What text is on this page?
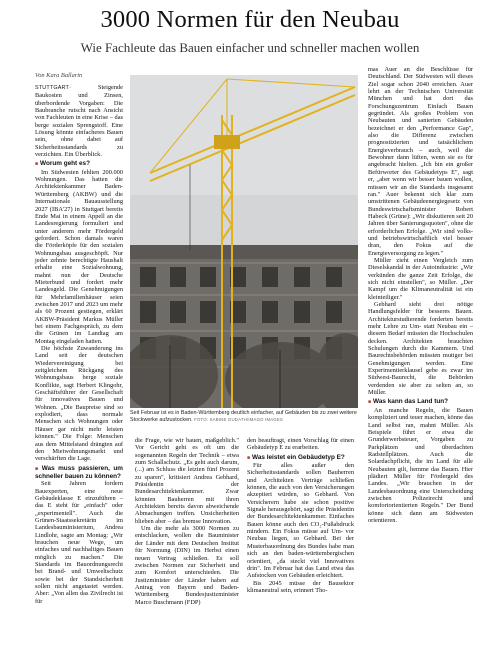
3000 Normen für den Neubau
Wie Fachleute das Bauen einfacher und schneller machen wollen
Von Kara Ballarin

STUTTGART· Steigende Baukosten und Zinsen, überbordende Vorgaben: Die Baubranche rutscht nach Ansicht von Fachleuten in eine Krise – das berge sozialen Sprengstoff. Eine Lösung könnte einfacheres Bauen sein, ohne dabei auf Sicherheitsstandards zu verzichten. Ein Überblick.

■ Worum geht es?

Im Südwesten fehlten 200.000 Wohnungen. Das hatten die Architektenkammer Baden-Württemberg (AKBW) und die Internationale Bauausstellung 2027 (IBA'27) in Stuttgart bereits Ende Mai in einem Appell an die Landesregierung formuliert und unter anderem mehr Fördergeld gefordert. Schon damals waren die Förderköpfe für den sozialen Wohnungsbau ausgeschöpft. Nur jeder zehnte berechtigte Haushalt erhalte eine Sozialwohnung, mahnt nun der Deutsche Mieterbund und fordert mehr Landesgeld. Die Genehmigungen für Mehrfamilienhäuser seien zwischen 2017 und 2023 um mehr als 60 Prozent gestiegen, erklärt AKBW-Präsident Markus Müller bei einem Fachgespräch, zu dem die Grünen im Landtag am Montag eingeladen hatten.

Die höchste Zuwanderung ins Land seit der deutschen Wiedervereinigung bei zeitgleichem Rückgang des Wohnungsbaus berge soziale Konflikte, sagt Herbert Klingohr, Geschäftsführer der Gesellschaft für innovatives Bauen und Wohnen. „Die Baupreise sind so explodiert, dass normale Menschen sich Wohnungen oder Häuser gar nicht mehr leisten können." Die Folge: Menschen aus dem Mittelstand drängten auf den Mietwohnungsmarkt und verschärften die Lage.

■ Was muss passieren, um schneller bauen zu können?

Seit Jahren fordern Bauexperten, eine neue Gebäudeklasse E einzuführen – das E steht für „einfach" oder „experimentell". Auch die Grünen-Staatssekretärin im Landesbauministerium, Andrea Lindlohr, sagte am Montag: „Wir brauchen neue Wege, um einfaches und nachhaltiges Bauen möglich zu machen." Die Standards im Bauordnungsrecht bei Brand- und Umweltschutz sowie bei der Standsicherheit sollen nicht angetastet werden. Aber: „Von allen das Zivilrecht ist für

Seit Februar ist es in Baden-Württemberg deutlich einfacher, auf Gebäuden bis zu zwei weitere Stockwerke aufzustocken. FOTO: SABINE GUDATH/IMAGO IMAGES

die Frage, wie wir bauen, maßgeblich." Vor Gericht geht es oft um die sogenannten Regeln der Technik – etwa zum Schallschutz. „Es geht auch darum, (...) am Schluss die letzten fünf Prozent zu sparen", kritisiert Andrea Gebhard, Präsidentin der Bundesarchitektenkammer. Zwar könnten Bauherren mit ihren Architekten bereits davon abweichende Abmachungen treffen. Unsicherheiten blieben aber – das bremse Innovation.

Um die mehr als 3000 Normen zu entschlacken, wollen die Bauminister der Länder mit dem Deutschen Institut für Normung (DIN) im Herbst einen neuen Vertrag schließen. Es soll zwischen Normen zur Sicherheit und zum Komfort unterschieden. Die Justizminister der Länder haben auf Antrag von Bayern und Baden-Württemberg Bundesjustizminister Marco Buschmann (FDP)

den beauftragt, einen Vorschlag für einen Gebäudetyp E zu erarbeiten.

■ Was leistet ein Gebäudetyp E?

Für alles außer den Sicherheitsstandards sollen Bauherren und Architekten Verträge schließen können, die auch von den Versicherungen akzeptiert würden, so Gebhard. Von Versicherern habe sie schon positive Signale herausgehört, sagt die Präsidentin der Bundesarchitektenkammer. Einfaches Bauen könne auch den CO₂-Fußabdruck mindern. Ein Fokus müsse auf Um- vor Neubau liegen, so Gebhard. Bei der Musterbauordnung des Bundes habe man sich an den baden-württembergischen orientiert, „da steckt viel Innovatives drin". Im Februar hat das Land etwa das Aufstocken von Gebäuden erleichtert.

Bis 2045 müsse der Bausektor klimaneutral sein, erinnert Tho-

mas Auer an die Beschlüsse für Deutschland. Der Südwesten will dieses Ziel sogar schon 2040 erreichen. Auer lehrt an der Technischen Universität München und hat dort das Forschungszentrum Einfach Bauen gegründet. Als großes Problem von Neubauten und sanierten Gebäuden bezeichnet er den „Performance Gap", also die Differenz zwischen prognostizierten und tatsächlichem Energieverbrauch – auch, weil die Bewohner dann lüften, wenn sie es für angebracht hielten. „Ich bin ein großer Befürworter des Gebäudetyps E", sagt er, „aber wenn wir besser bauen wollen, müssen wir an die Standards insgesamt ran." Auer bekennt sich klar zum umstrittenen Gebäudeenergiegesetz von Bundeswirtschaftsminister Robert Habeck (Grüne): „Wir diskutieren seit 20 Jahren über Sanierungsquoten", ohne die erforderlichen Erfolge. „Wir sind volks- und betriebswirtschaftlich viel besser dran, den Fokus auf die Energieversorgung zu legen."

Müller zieht einen Vergleich zum Dieselskandal in der Autoindustrie: „Wir verkünden die ganze Zeit Erfolge, die sich nicht einstellen", so Müller. „Der Kampf um die Klimaneutralität ist ein kleinteiliger."

Gebhard sieht drei nötige Handlungsfelder für besseres Bauen. Architekturstudierende forderten bereits mehr Lehre zu Um- statt Neubau ein – diesem Bedarf müssten die Hochschulen decken. Architekten brauchten Schulungen durch die Kammern. Und Baurechtsbehörden müssten mutiger bei Genehmigungen werden. Eine Experimentierklausel gebe es zwar im Südwest-Baurecht, die Behörden verdenden sie aber zu selten an, so Müller.

■ Was kann das Land tun?

An manche Regeln, die Bauen kompliziert und teuer machen, könne das Land selbst ran, mahnt Müller. Als Beispiele führt er etwa die Grunderwerbsteuer, Vorgaben zu Parkplätzen und überdachten Radstellplätzen. Auch die Solardachpflicht, die im Land für alle Neubauten gilt, hemme das Bauen. Hier plädiert Müller für Fördergeld des Landes. „Wir brauchen in der Landesbauordnung eine Unterscheidung zwischen Polizeirecht und komfortorientierten Regeln." Der Bund könne sich dann am Südwesten orientieren.
